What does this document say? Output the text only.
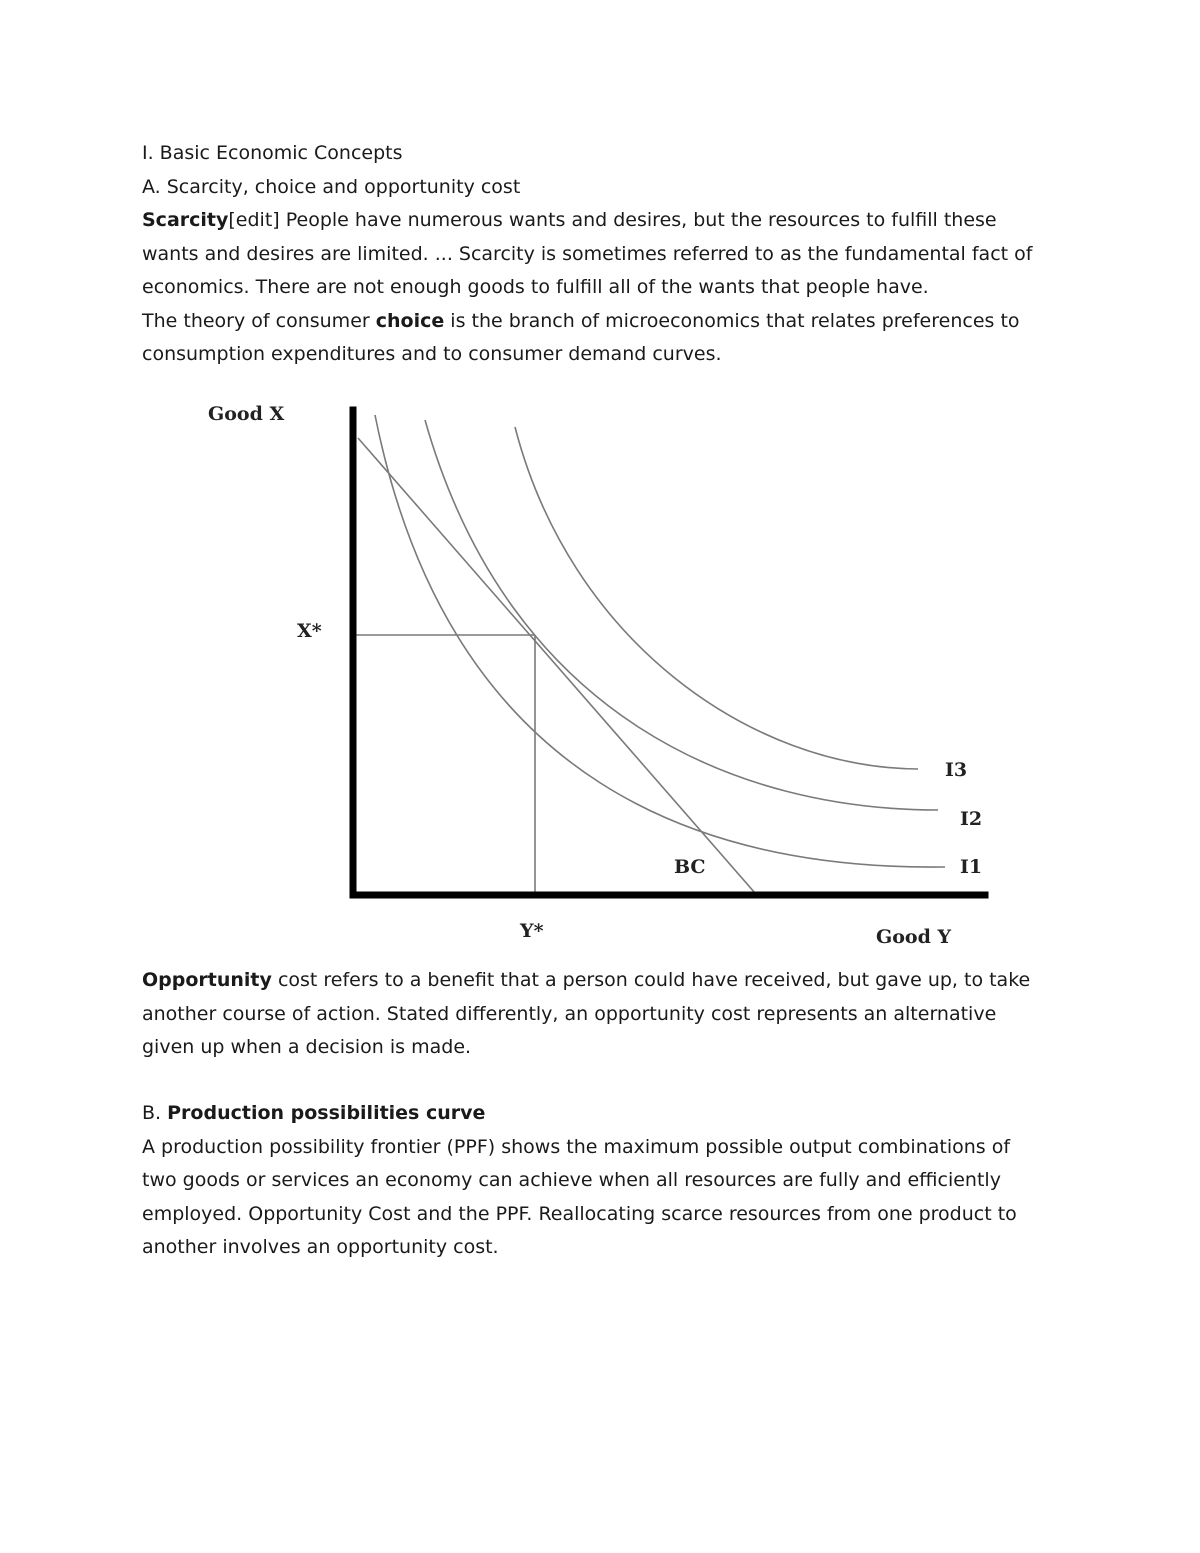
I. Basic Economic Concepts
A. Scarcity, choice and opportunity cost
Scarcity[edit] People have numerous wants and desires, but the resources to fulfill these
wants and desires are limited. ... Scarcity is sometimes referred to as the fundamental fact of
economics. There are not enough goods to fulfill all of the wants that people have.
The theory of consumer choice is the branch of microeconomics that relates preferences to
consumption expenditures and to consumer demand curves.
Good X
Good Y
X*
Y*
BC
I3
I2
I1
Opportunity cost refers to a benefit that a person could have received, but gave up, to take
another course of action. Stated differently, an opportunity cost represents an alternative
given up when a decision is made.
B. Production possibilities curve
A production possibility frontier (PPF) shows the maximum possible output combinations of
two goods or services an economy can achieve when all resources are fully and efficiently
employed. Opportunity Cost and the PPF. Reallocating scarce resources from one product to
another involves an opportunity cost.
